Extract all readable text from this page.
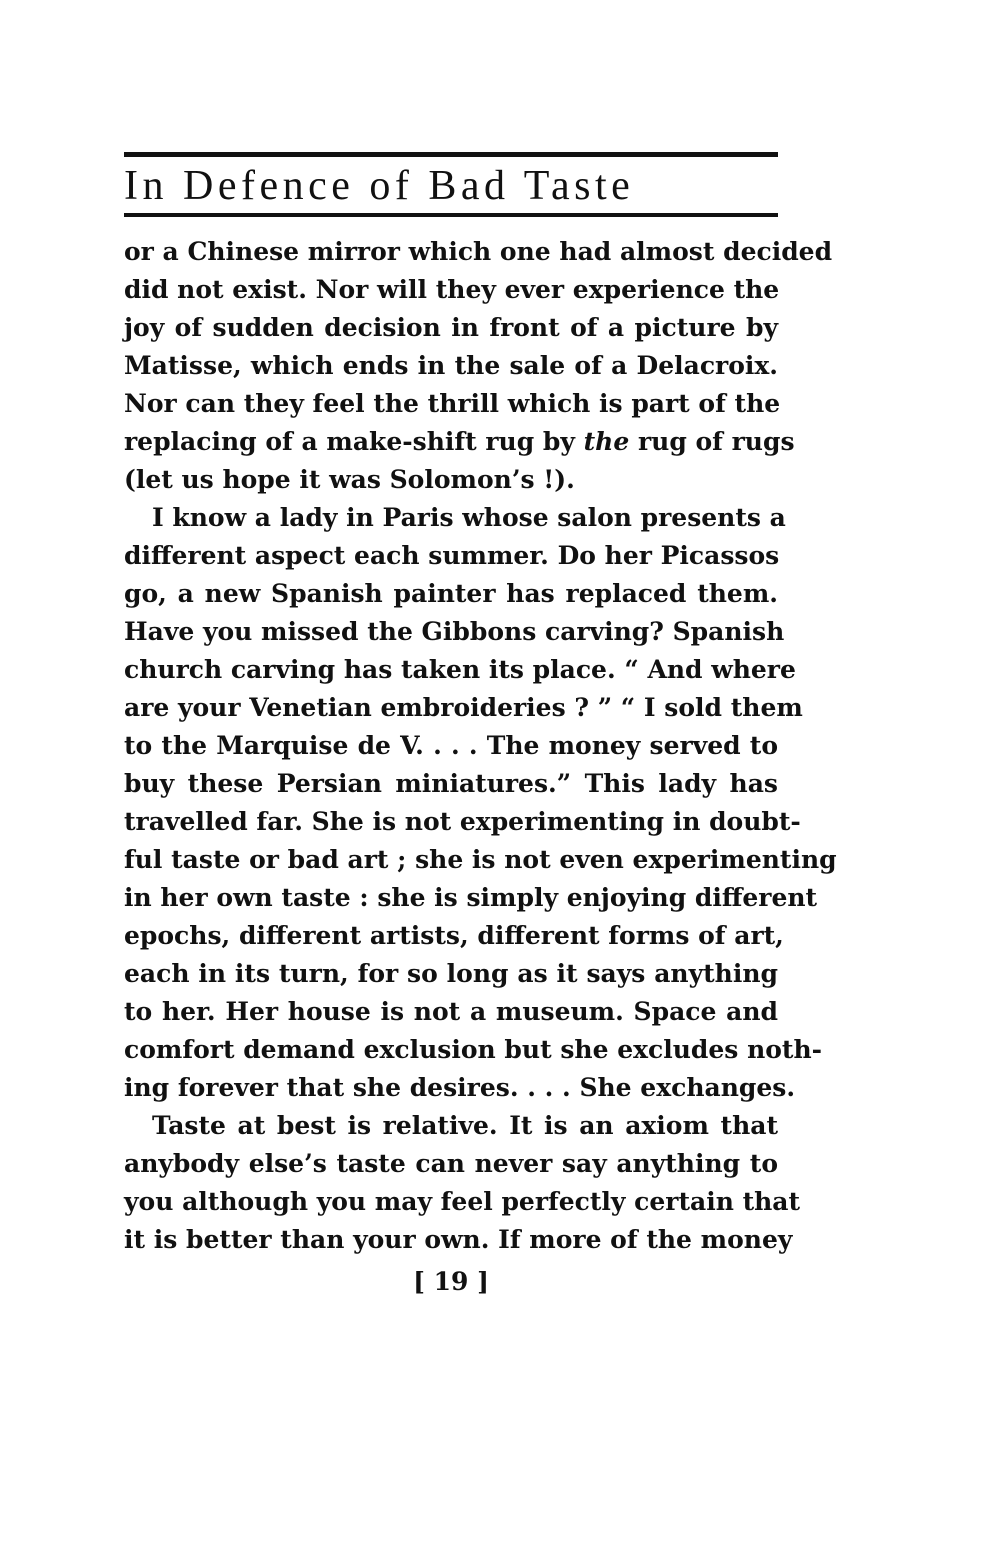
In Defence of Bad Taste
or a Chinese mirror which one had almost decided
did not exist. Nor will they ever experience the
joy of sudden decision in front of a picture by
Matisse, which ends in the sale of a Delacroix.
Nor can they feel the thrill which is part of the
replacing of a make-shift rug by the rug of rugs
(let us hope it was Solomon’s !).
I know a lady in Paris whose salon presents a
different aspect each summer. Do her Picassos
go, a new Spanish painter has replaced them.
Have you missed the Gibbons carving? Spanish
church carving has taken its place. “ And where
are your Venetian embroideries ? ” “ I sold them
to the Marquise de V. . . . The money served to
buy these Persian miniatures.” This lady has
travelled far. She is not experimenting in doubt-
ful taste or bad art ; she is not even experimenting
in her own taste : she is simply enjoying different
epochs, different artists, different forms of art,
each in its turn, for so long as it says anything
to her. Her house is not a museum. Space and
comfort demand exclusion but she excludes noth-
ing forever that she desires. . . . She exchanges.
Taste at best is relative. It is an axiom that
anybody else’s taste can never say anything to
you although you may feel perfectly certain that
it is better than your own. If more of the money

[ 19 ]
